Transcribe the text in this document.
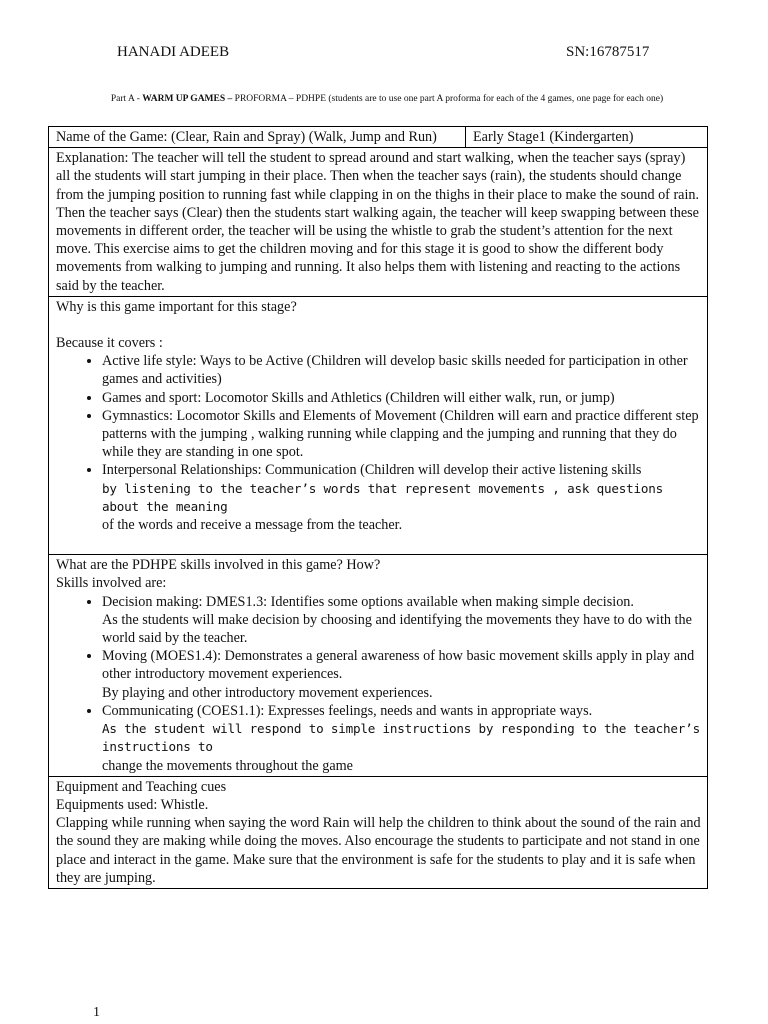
HANADI ADEEB	SN:16787517
Part A - WARM UP GAMES – PROFORMA – PDHPE (students are to use one part A proforma for each of the 4 games, one page for each one)
Name of the Game: (Clear, Rain and Spray) (Walk, Jump and Run)	Early Stage1 (Kindergarten)
Explanation: The teacher will tell the student to spread around and start walking, when the teacher says (spray) all the students will start jumping in their place. Then when the teacher says (rain), the students should change from the jumping position to running fast while clapping in on the thighs in their place to make the sound of rain. Then the teacher says (Clear) then the students start walking again, the teacher will keep swapping between these movements in different order, the teacher will be using the whistle to grab the student’s attention for the next move. This exercise aims to get the children moving and for this stage it is good to show the different body movements from walking to jumping and running. It also helps them with listening and reacting to the actions said by the teacher.

Why is this game important for this stage?
Because it covers :
• Active life style: Ways to be Active (Children will develop basic skills needed for participation in other games and activities)
• Games and sport: Locomotor Skills and Athletics (Children will either walk, run, or jump)
• Gymnastics: Locomotor Skills and Elements of Movement (Children will earn and practice different step patterns with the jumping , walking running while clapping and the jumping and running that they do while they are standing in one spot.
• Interpersonal Relationships: Communication (Children will develop their active listening skills
by listening to the teacher’s words that represent movements , ask questions about the meaning
of the words and receive a message from the teacher.

What are the PDHPE skills involved in this game? How?
Skills involved are:
• Decision making: DMES1.3: Identifies some options available when making simple decision.
As the students will make decision by choosing and identifying the movements they have to do with the world said by the teacher.
• Moving (MOES1.4): Demonstrates a general awareness of how basic movement skills apply in play and other introductory movement experiences.
By playing and other introductory movement experiences.
• Communicating (COES1.1): Expresses feelings, needs and wants in appropriate ways.
As the student will respond to simple instructions by responding to the teacher’s instructions to
change the movements throughout the game

Equipment and Teaching cues
Equipments used: Whistle.
Clapping while running when saying the word Rain will help the children to think about the sound of the rain and the sound they are making while doing the moves. Also encourage the students to participate and not stand in one place and interact in the game. Make sure that the environment is safe for the students to play and it is safe when they are jumping.
1
